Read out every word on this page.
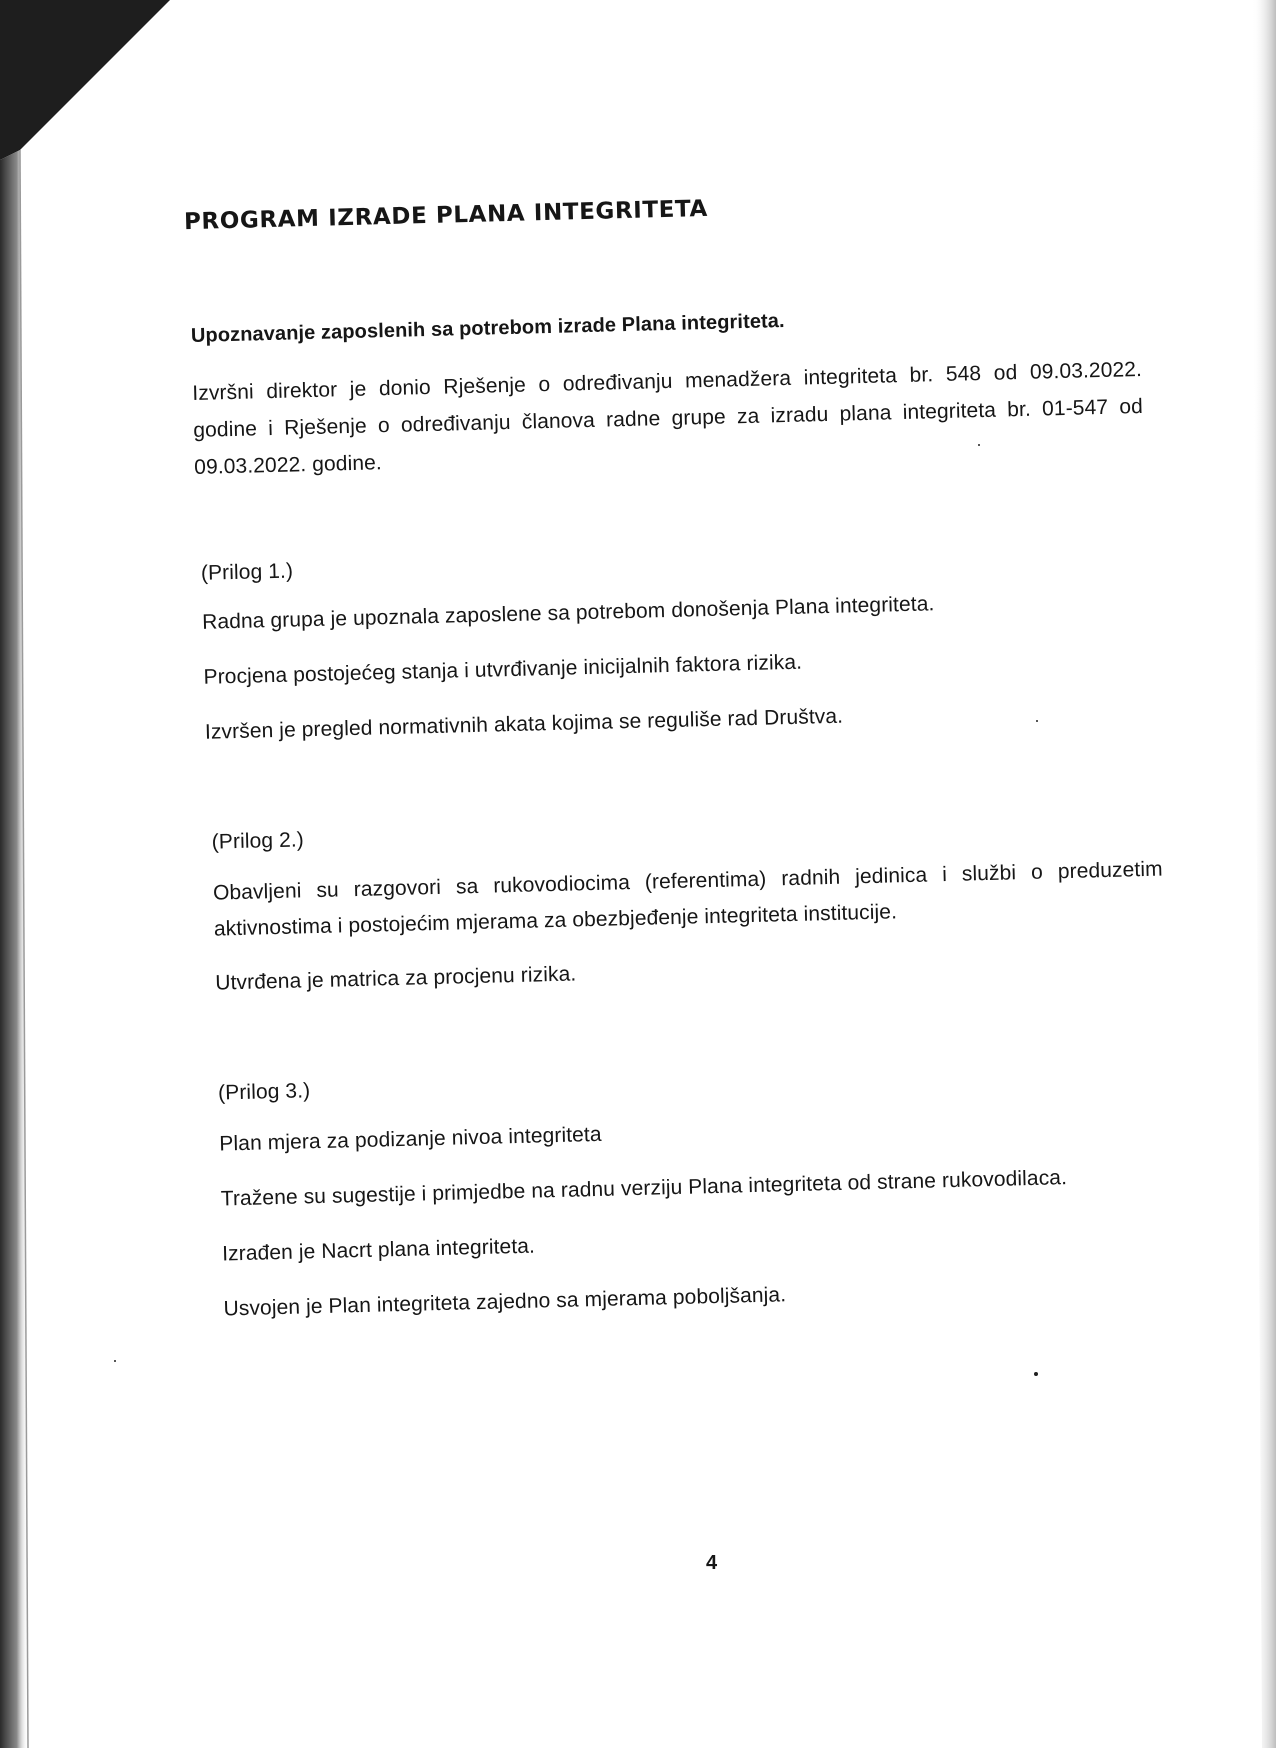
PROGRAM IZRADE PLANA INTEGRITETA
Upoznavanje zaposlenih sa potrebom izrade Plana integriteta.
Izvršni direktor je donio Rješenje o određivanju menadžera integriteta br. 548 od 09.03.2022.
godine i Rješenje o određivanju članova radne grupe za izradu plana integriteta br. 01-547 od
09.03.2022. godine.
(Prilog 1.)
Radna grupa je upoznala zaposlene sa potrebom donošenja Plana integriteta.
Procjena postojećeg stanja i utvrđivanje inicijalnih faktora rizika.
Izvršen je pregled normativnih akata kojima se reguliše rad Društva.
(Prilog 2.)
Obavljeni su razgovori sa rukovodiocima (referentima) radnih jedinica i službi o preduzetim
aktivnostima i postojećim mjerama za obezbjeđenje integriteta institucije.
Utvrđena je matrica za procjenu rizika.
(Prilog 3.)
Plan mjera za podizanje nivoa integriteta
Tražene su sugestije i primjedbe na radnu verziju Plana integriteta od strane rukovodilaca.
Izrađen je Nacrt plana integriteta.
Usvojen je Plan integriteta zajedno sa mjerama poboljšanja.
4
